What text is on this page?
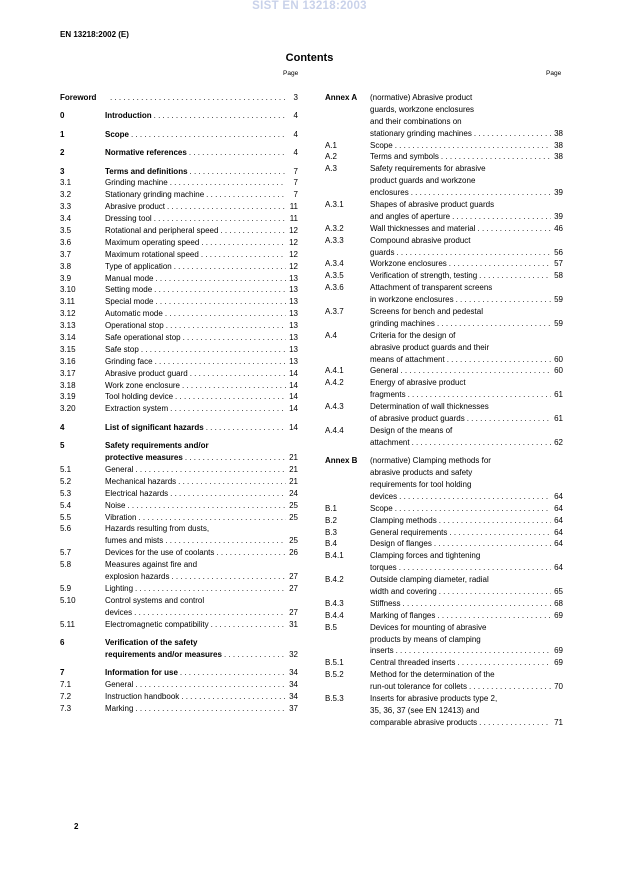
SIST EN 13218:2003
EN 13218:2002 (E)
Contents
Page	Page
Foreword . . .	3
0	Introduction . . .	4
1	Scope . . .	4
2	Normative references . . .	4
3	Terms and definitions . . .	7
3.1	Grinding machine . . .	7
3.2	Stationary grinding machine . . .	7
3.3	Abrasive product . . .	11
3.4	Dressing tool . . .	11
3.5	Rotational and peripheral speed . . .	12
3.6	Maximum operating speed . . .	12
3.7	Maximum rotational speed . . .	12
3.8	Type of application . . .	12
3.9	Manual mode . . .	13
3.10	Setting mode . . .	13
3.11	Special mode . . .	13
3.12	Automatic mode . . .	13
3.13	Operational stop . . .	13
3.14	Safe operational stop . . .	13
3.15	Safe stop . . .	13
3.16	Grinding face . . .	13
3.17	Abrasive product guard . . .	14
3.18	Work zone enclosure . . .	14
3.19	Tool holding device . . .	14
3.20	Extraction system . . .	14
4	List of significant hazards . . .	14
5	Safety requirements and/or
protective measures . . .	21
5.1	General . . .	21
5.2	Mechanical hazards . . .	21
5.3	Electrical hazards . . .	24
5.4	Noise . . .	25
5.5	Vibration . . .	25
5.6	Hazards resulting from dusts,
fumes and mists . . .	25
5.7	Devices for the use of coolants . . .	26
5.8	Measures against fire and
explosion hazards . . .	27
5.9	Lighting . . .	27
5.10	Control systems and control
devices . . .	27
5.11	Electromagnetic compatibility . . .	31
6	Verification of the safety
requirements and/or measures . . .	32
7	Information for use . . .	34
7.1	General . . .	34
7.2	Instruction handbook . . .	34
7.3	Marking . . .	37
Annex A (normative) Abrasive product
guards, workzone enclosures
and their combinations on
stationary grinding machines . . .	38
A.1	Scope . . .	38
A.2	Terms and symbols . . .	38
A.3	Safety requirements for abrasive
product guards and workzone
enclosures . . .	39
A.3.1	Shapes of abrasive product guards
and angles of aperture . . .	39
A.3.2	Wall thicknesses and material . . .	46
A.3.3	Compound abrasive product
guards . . .	56
A.3.4	Workzone enclosures . . .	57
A.3.5	Verification of strength, testing . . .	58
A.3.6	Attachment of transparent screens
in workzone enclosures . . .	59
A.3.7	Screens for bench and pedestal
grinding machines . . .	59
A.4	Criteria for the design of
abrasive product guards and their
means of attachment . . .	60
A.4.1	General . . .	60
A.4.2	Energy of abrasive product
fragments . . .	61
A.4.3	Determination of wall thicknesses
of abrasive product guards . . .	61
A.4.4	Design of the means of
attachment . . .	62
Annex B (normative) Clamping methods for
abrasive products and safety
requirements for tool holding
devices . . .	64
B.1	Scope . . .	64
B.2	Clamping methods . . .	64
B.3	General requirements . . .	64
B.4	Design of flanges . . .	64
B.4.1	Clamping forces and tightening
torques . . .	64
B.4.2	Outside clamping diameter, radial
width and covering . . .	65
B.4.3	Stiffness . . .	68
B.4.4	Marking of flanges . . .	69
B.5	Devices for mounting of abrasive
products by means of clamping
inserts . . .	69
B.5.1	Central threaded inserts . . .	69
B.5.2	Method for the determination of the
run-out tolerance for collets . . .	70
B.5.3	Inserts for abrasive products type 2,
35, 36, 37 (see EN 12413) and
comparable abrasive products . . .	71
2
